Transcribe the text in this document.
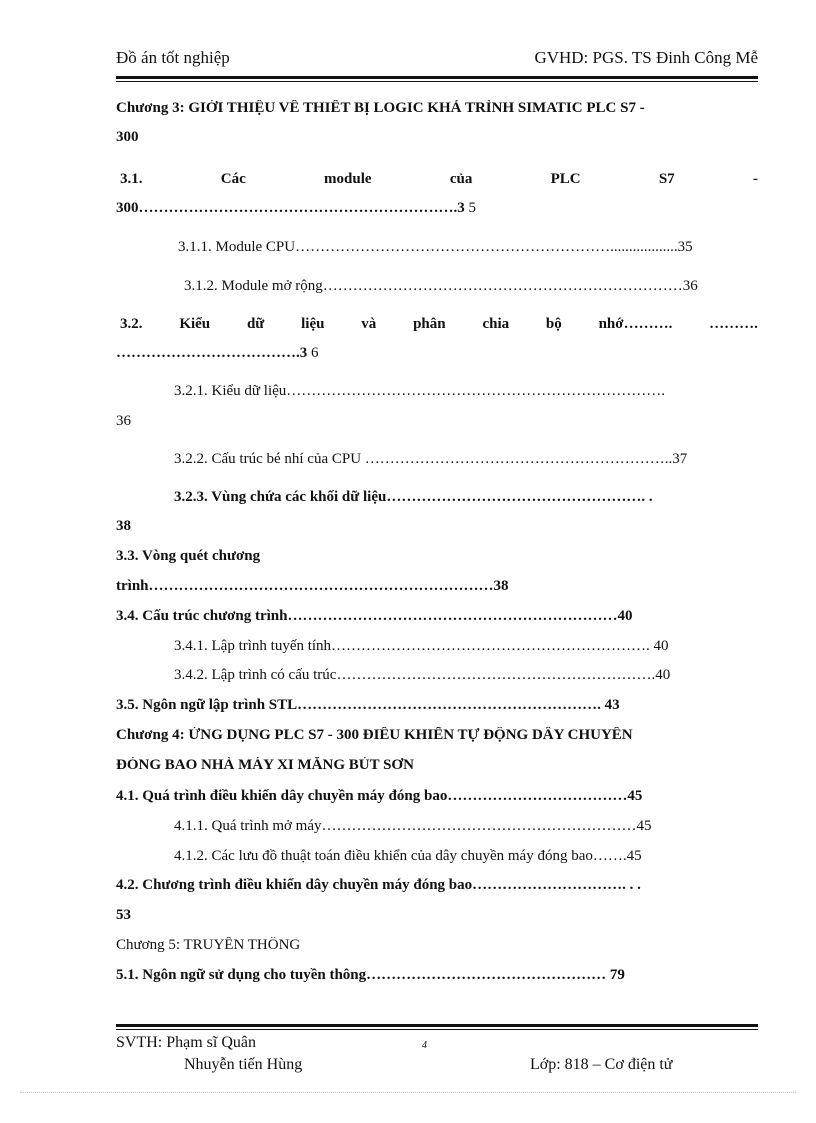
Đồ án tốt nghiệp	GVHD: PGS. TS Đinh Công Mễ
Chương 3: GIỚI THIỆU VỀ THIẾT BỊ LOGIC KHẢ TRÌNH SIMATIC PLC S7 -
300
3.1.	Các	module	của	PLC	S7	-
300……………………………………………………….3 5
3.1.1. Module CPU………………………………………………………..................35
3.1.2. Module mở rộng………………………………………………………………36
3.2. Kiểu dữ liệu và phân chia bộ nhớ………. ……….
……………………………….3 6
3.2.1. Kiểu dữ liệu………………………………………………………………….
36
3.2.2. Cấu trúc bé nhí của CPU ……………………………………………………..37
3.2.3. Vùng chứa các khối dữ liệu……………………………………………. .
38
3.3. Vòng quét chương
trình……………………………………………………………38
3.4. Cấu trúc chương trình…………………………………………………………40
3.4.1. Lập trình tuyến tính………………………………………………………. 40
3.4.2. Lập trình có cấu trúc……………………………………………………….40
3.5. Ngôn ngữ lập trình STL……………………………………………………. 43
Chương 4: ỨNG DỤNG PLC S7 - 300 ĐIỀU KHIỂN TỰ ĐỘNG DÂY CHUYỀN
ĐÓNG BAO NHÀ MÁY XI MĂNG BÚT SƠN
4.1. Quá trình điều khiển dây chuyền máy đóng bao………………………………45
4.1.1. Quá trình mở máy………………………………………………………45
4.1.2. Các lưu đồ thuật toán điều khiển của dây chuyền máy đóng bao…….45
4.2. Chương trình điều khiển dây chuyền máy đóng bao…………………………. . .
53
Chương 5: TRUYỀN THÔNG
5.1. Ngôn ngữ sử dụng cho tuyền thông………………………………………… 79
SVTH: Phạm sĩ Quân	4
Nhuyễn tiến Hùng	Lớp: 818 – Cơ điện tử
